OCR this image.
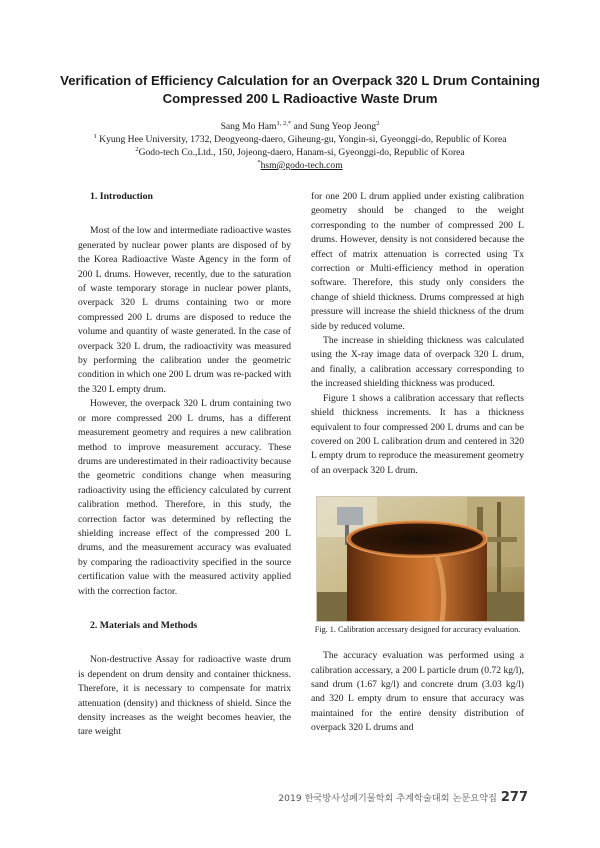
Verification of Efficiency Calculation for an Overpack 320 L Drum Containing
Compressed 200 L Radioactive Waste Drum
Sang Mo Ham$^{1, 2,*}$ and Sung Yeop Jeong$^2$
$^1$ Kyung Hee University, 1732, Deogyeong-daero, Giheung-gu, Yongin-si, Gyeonggi-do, Republic of Korea
$^2$Godo-tech Co.,Ltd., 150, Jojeong-daero, Hanam-si, Gyeonggi-do, Republic of Korea
*hsm@godo-tech.com

1. Introduction

Most of the low and intermediate radioactive wastes generated by nuclear power plants are disposed of by the Korea Radioactive Waste Agency in the form of 200 L drums. However, recently, due to the saturation of waste temporary storage in nuclear power plants, overpack 320 L drums containing two or more compressed 200 L drums are disposed to reduce the volume and quantity of waste generated. In the case of overpack 320 L drum, the radioactivity was measured by performing the calibration under the geometric condition in which one 200 L drum was re-packed with the 320 L empty drum.

However, the overpack 320 L drum containing two or more compressed 200 L drums, has a different measurement geometry and requires a new calibration method to improve measurement accuracy. These drums are underestimated in their radioactivity because the geometric conditions change when measuring radioactivity using the efficiency calculated by current calibration method. Therefore, in this study, the correction factor was determined by reflecting the shielding increase effect of the compressed 200 L drums, and the measurement accuracy was evaluated by comparing the radioactivity specified in the source certification value with the measured activity applied with the correction factor.

2. Materials and Methods

Non-destructive Assay for radioactive waste drum is dependent on drum density and container thickness. Therefore, it is necessary to compensate for matrix attenuation (density) and thickness of shield. Since the density increases as the weight becomes heavier, the tare weight

for one 200 L drum applied under existing calibration geometry should be changed to the weight corresponding to the number of compressed 200 L drums. However, density is not considered because the effect of matrix attenuation is corrected using Tx correction or Multi-efficiency method in operation software. Therefore, this study only considers the change of shield thickness. Drums compressed at high pressure will increase the shield thickness of the drum side by reduced volume.

The increase in shielding thickness was calculated using the X-ray image data of overpack 320 L drum, and finally, a calibration accessary corresponding to the increased shielding thickness was produced.

Figure 1 shows a calibration accessary that reflects shield thickness increments. It has a thickness equivalent to four compressed 200 L drums and can be covered on 200 L calibration drum and centered in 320 L empty drum to reproduce the measurement geometry of an overpack 320 L drum.

Fig. 1. Calibration accessary designed for accuracy evaluation.

The accuracy evaluation was performed using a calibration accessary, a 200 L particle drum (0.72 kg/l), sand drum (1.67 kg/l) and concrete drum (3.03 kg/l) and 320 L empty drum to ensure that accuracy was maintained for the entire density distribution of overpack 320 L drums and

2019 한국방사성폐기물학회 추계학술대회 논문요약집 277
